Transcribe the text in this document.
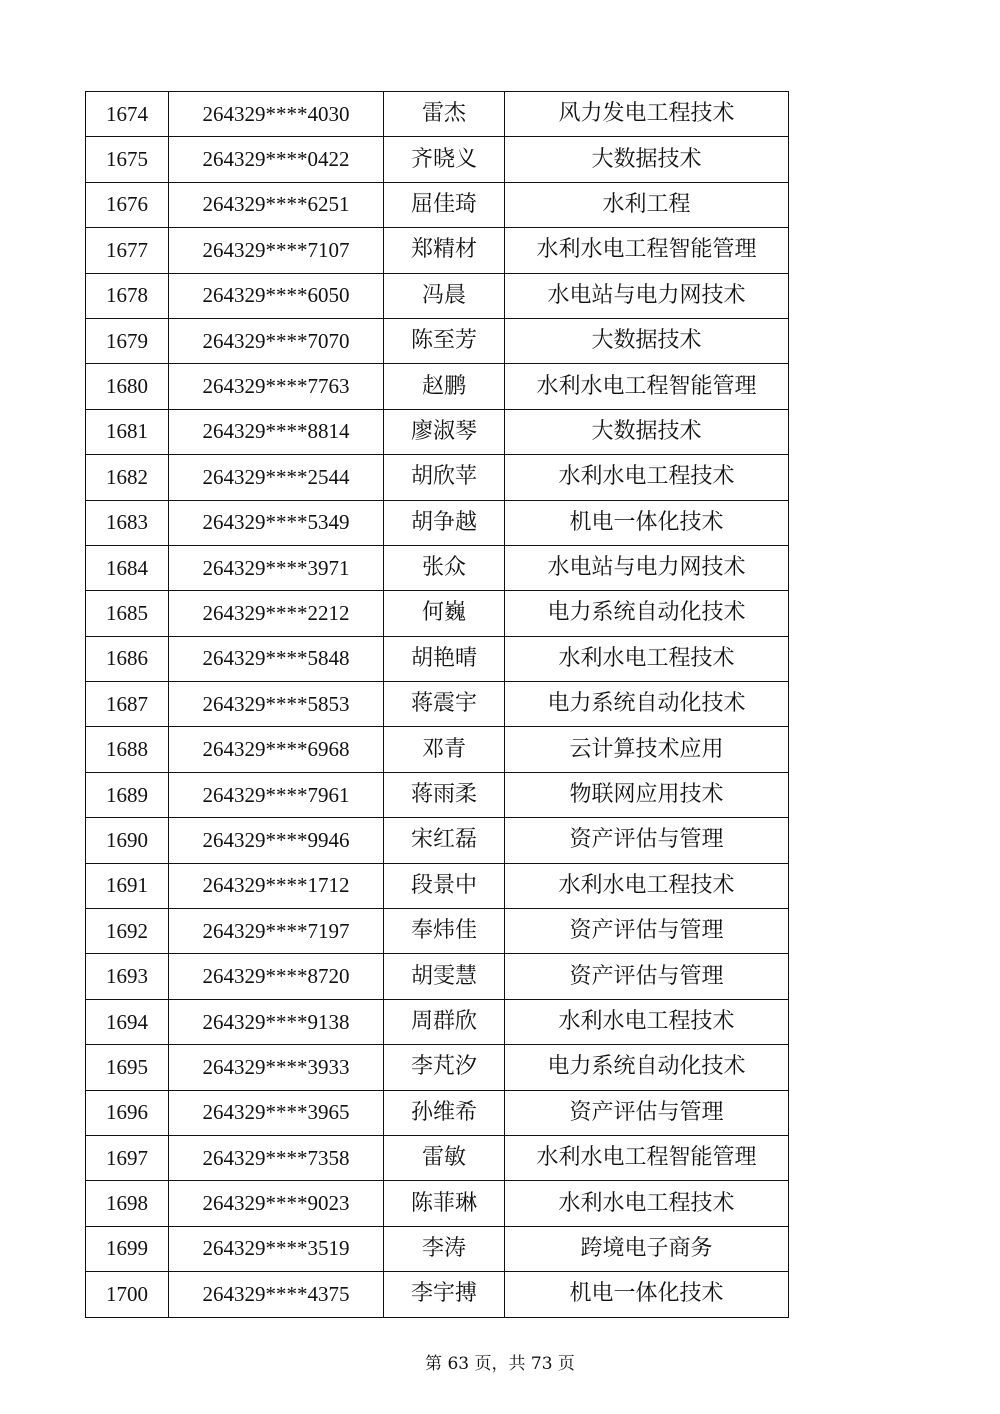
1674	264329****4030	雷杰	风力发电工程技术
1675	264329****0422	齐晓义	大数据技术
1676	264329****6251	屈佳琦	水利工程
1677	264329****7107	郑精材	水利水电工程智能管理
1678	264329****6050	冯晨	水电站与电力网技术
1679	264329****7070	陈至芳	大数据技术
1680	264329****7763	赵鹏	水利水电工程智能管理
1681	264329****8814	廖淑琴	大数据技术
1682	264329****2544	胡欣苹	水利水电工程技术
1683	264329****5349	胡争越	机电一体化技术
1684	264329****3971	张众	水电站与电力网技术
1685	264329****2212	何巍	电力系统自动化技术
1686	264329****5848	胡艳晴	水利水电工程技术
1687	264329****5853	蒋震宇	电力系统自动化技术
1688	264329****6968	邓青	云计算技术应用
1689	264329****7961	蒋雨柔	物联网应用技术
1690	264329****9946	宋红磊	资产评估与管理
1691	264329****1712	段景中	水利水电工程技术
1692	264329****7197	奉炜佳	资产评估与管理
1693	264329****8720	胡雯慧	资产评估与管理
1694	264329****9138	周群欣	水利水电工程技术
1695	264329****3933	李芃汐	电力系统自动化技术
1696	264329****3965	孙维希	资产评估与管理
1697	264329****7358	雷敏	水利水电工程智能管理
1698	264329****9023	陈菲琳	水利水电工程技术
1699	264329****3519	李涛	跨境电子商务
1700	264329****4375	李宇搏	机电一体化技术
第 63 页，共 73 页
